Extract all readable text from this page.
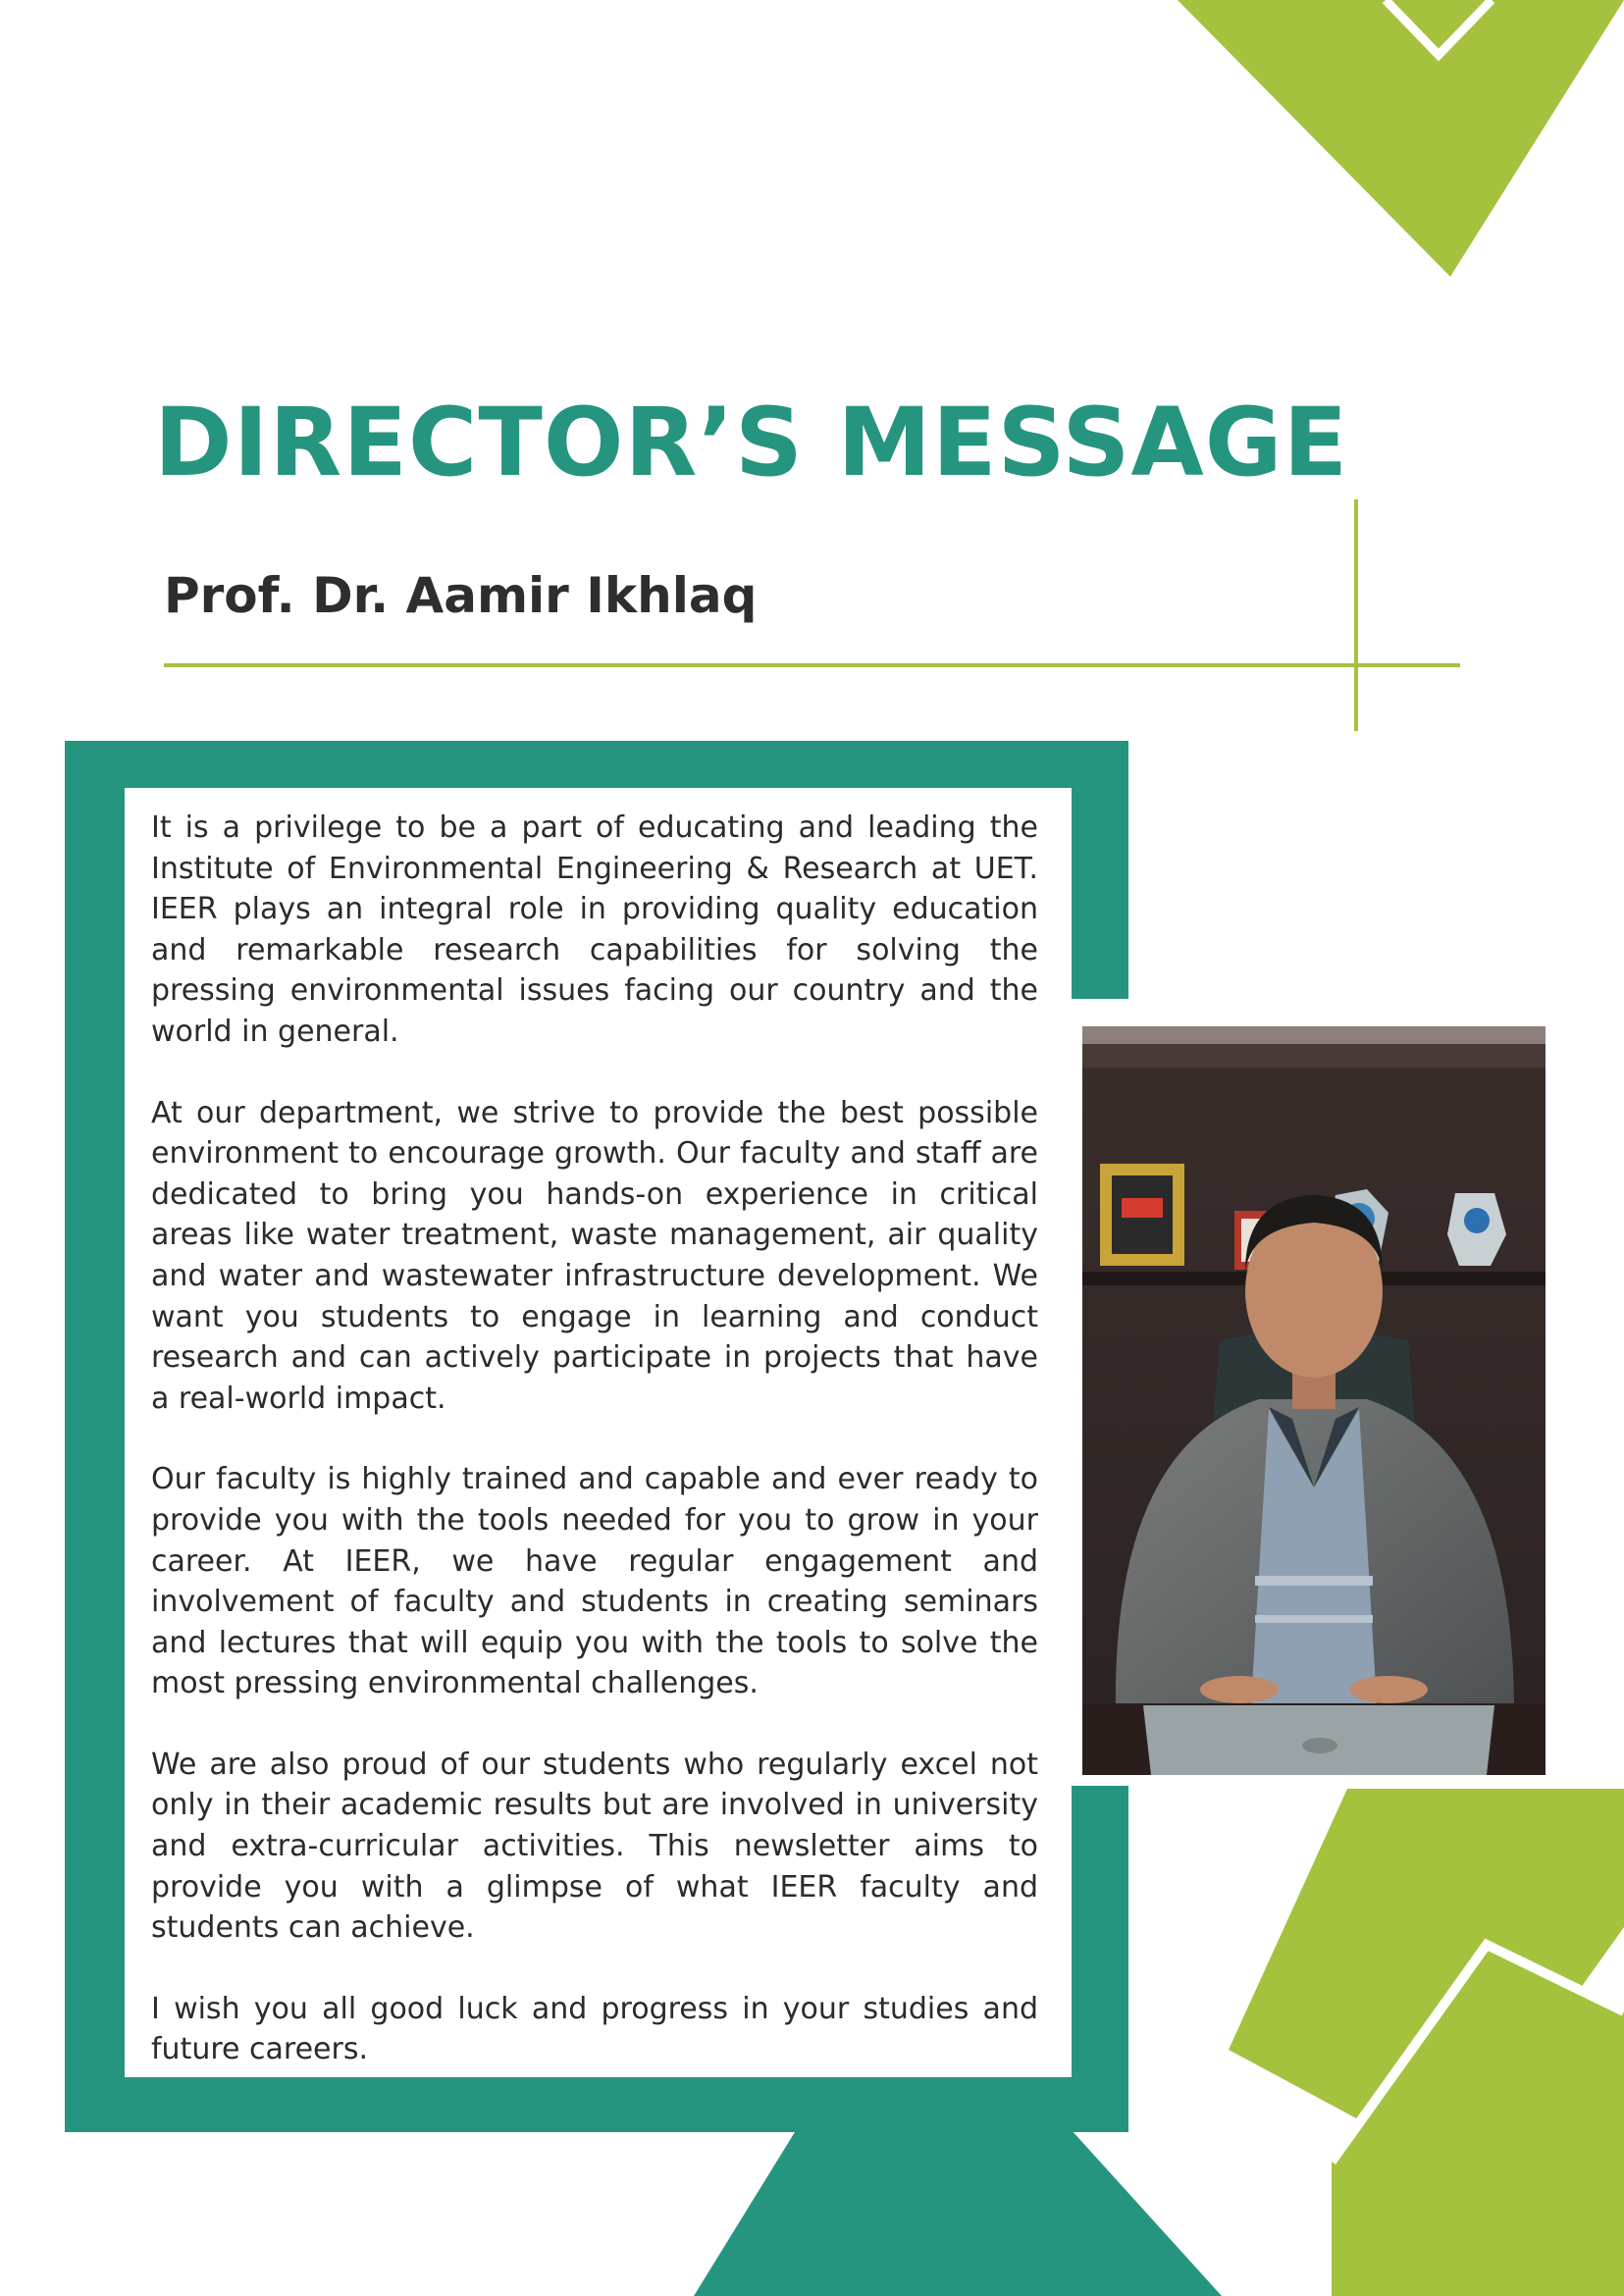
DIRECTOR’S MESSAGE
Prof. Dr. Aamir Ikhlaq

It is a privilege to be a part of educating and leading the Institute of Environmental Engineering & Research at UET. IEER plays an integral role in providing quality education and remarkable research capabilities for solving the pressing environmental issues facing our country and the world in general.

At our department, we strive to provide the best possible environment to encourage growth. Our faculty and staff are dedicated to bring you hands-on experience in critical areas like water treatment, waste management, air quality and water and wastewater infrastructure development. We want you students to engage in learning and conduct research and can actively participate in projects that have a real-world impact.

Our faculty is highly trained and capable and ever ready to provide you with the tools needed for you to grow in your career. At IEER, we have regular engagement and involvement of faculty and students in creating seminars and lectures that will equip you with the tools to solve the most pressing environmental challenges.

We are also proud of our students who regularly excel not only in their academic results but are involved in university and extra-curricular activities. This newsletter aims to provide you with a glimpse of what IEER faculty and students can achieve.

I wish you all good luck and progress in your studies and future careers.
